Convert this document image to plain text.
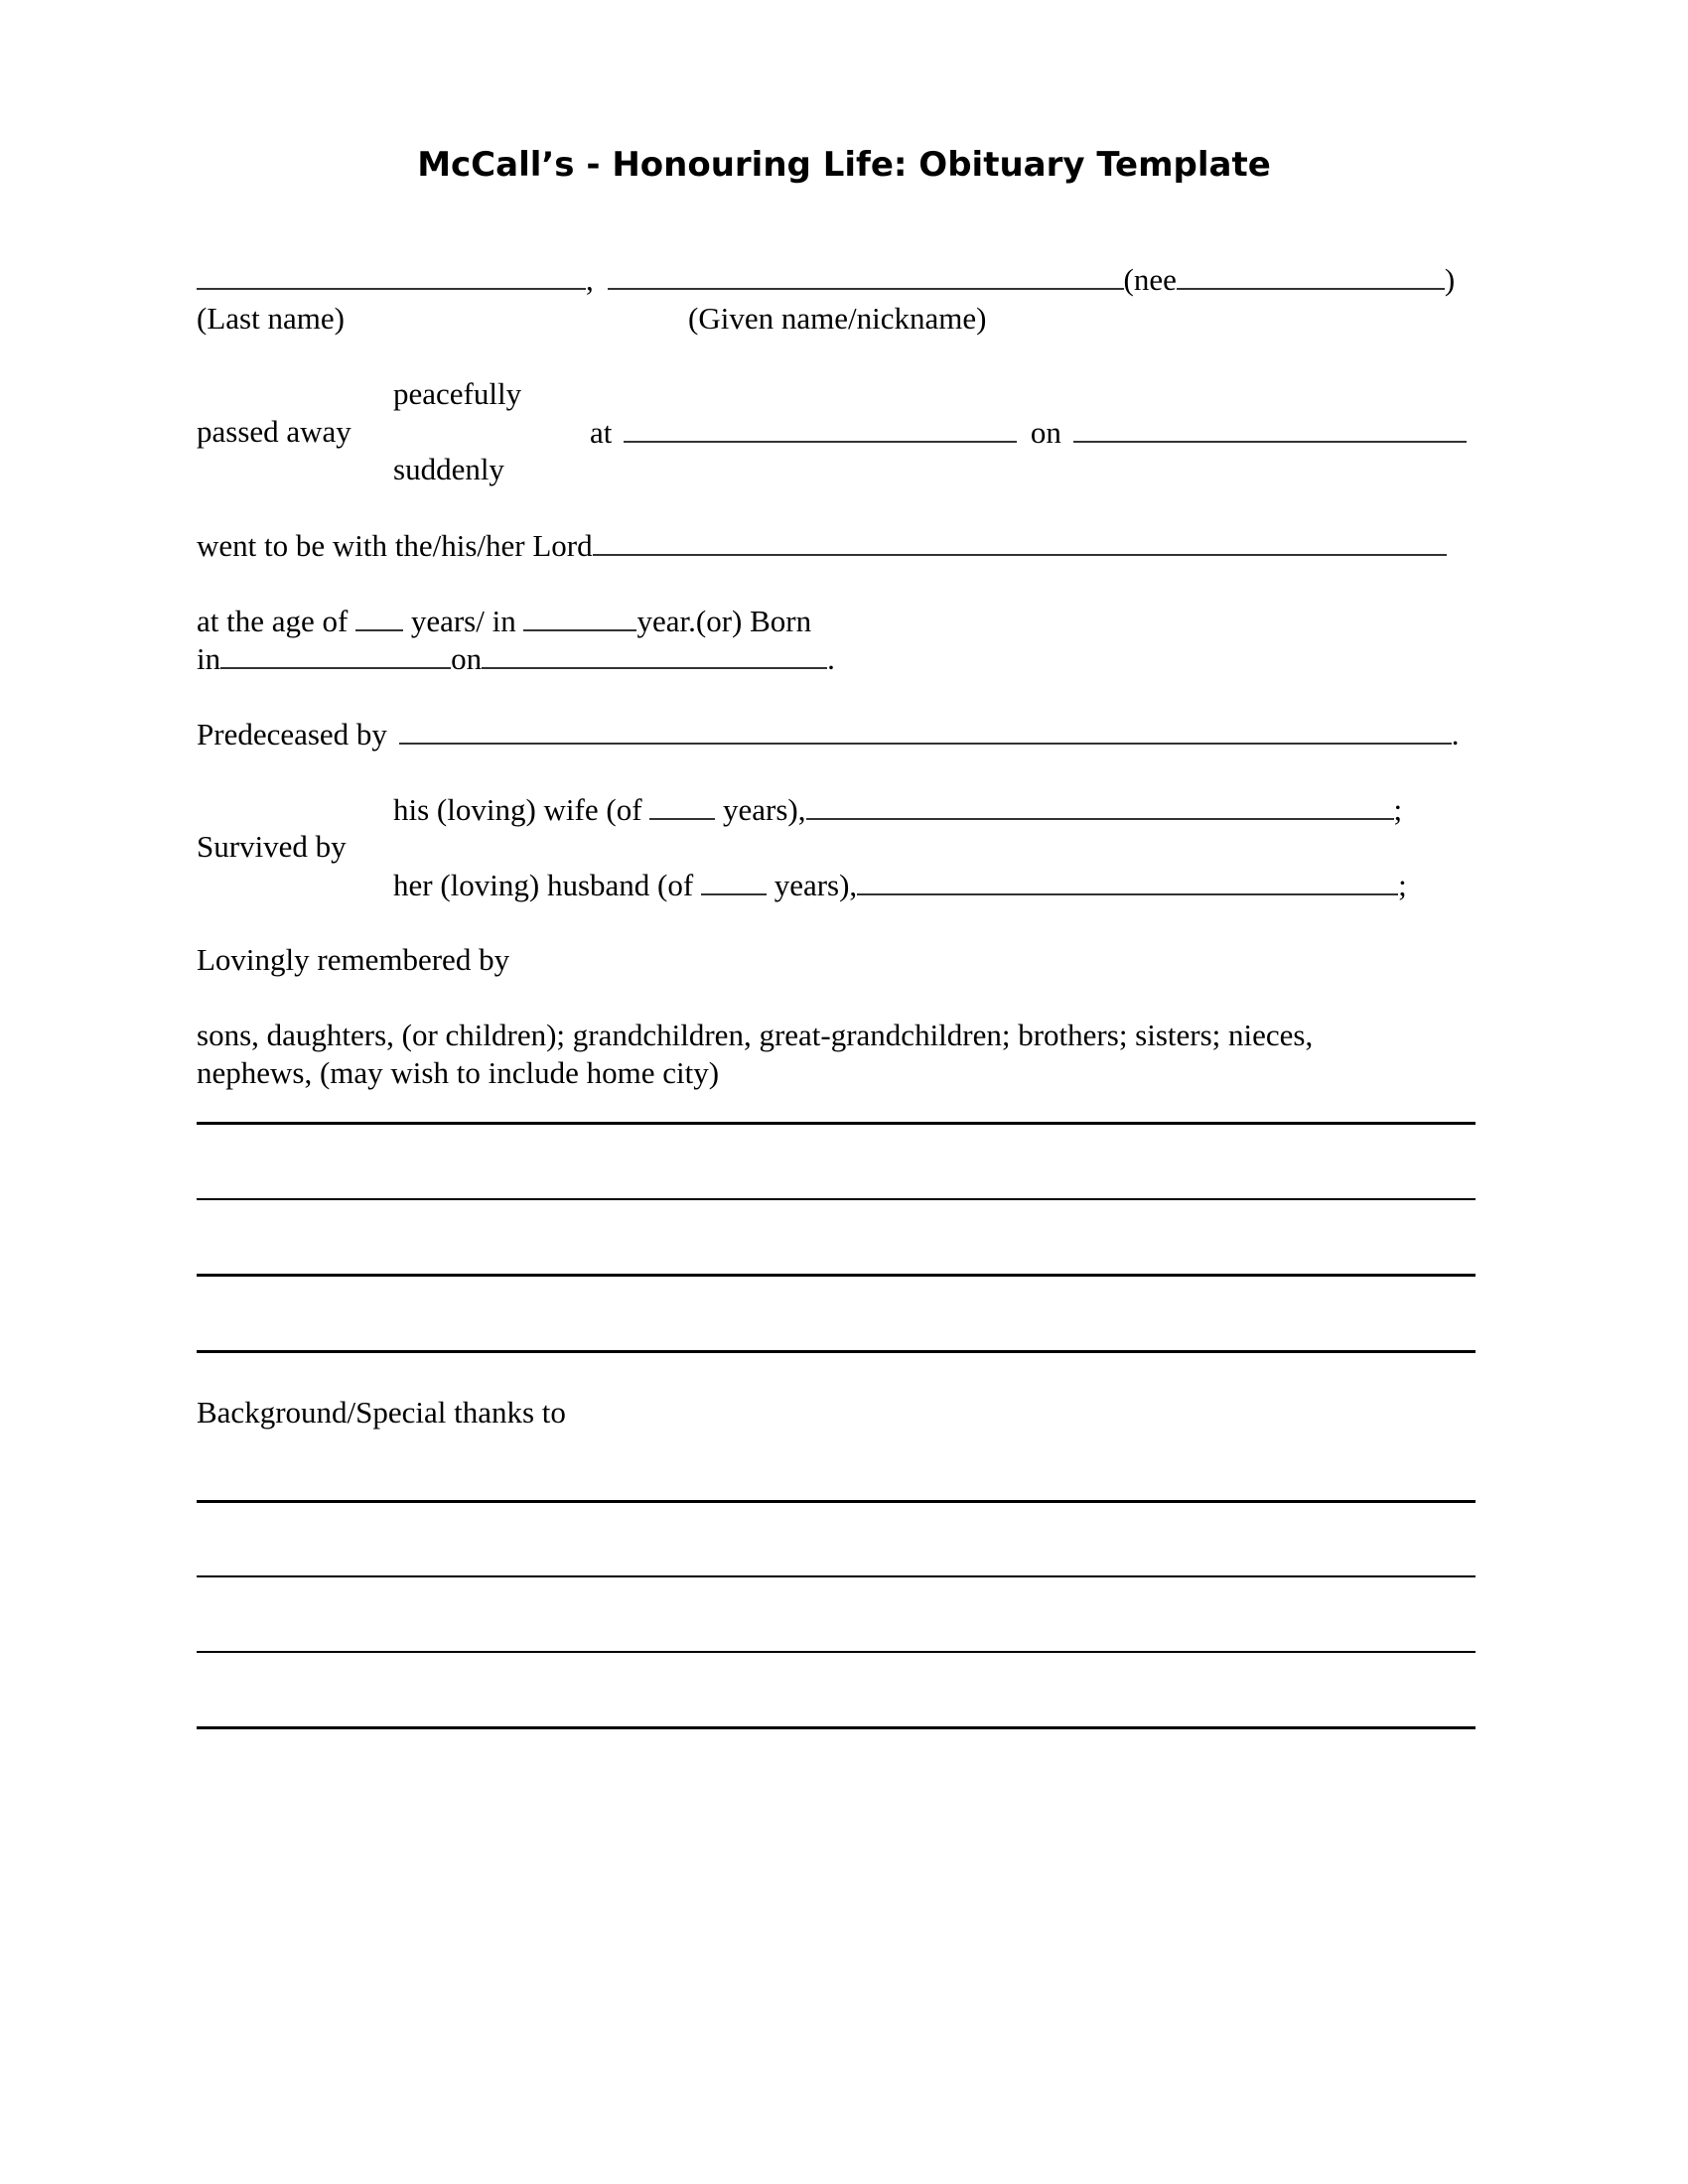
McCall’s - Honouring Life: Obituary Template
,	(nee	)
(Last name)	(Given name/nickname)
peacefully
passed away	at	on
suddenly
went to be with the/his/her Lord
at the age of years/ in	year.(or) Born
in	on	.
Predeceased by	.
his (loving) wife (of	years),	;
Survived by
her (loving) husband (of	years),	;
Lovingly remembered by
sons, daughters, (or children); grandchildren, great-grandchildren; brothers; sisters; nieces,
nephews, (may wish to include home city)
Background/Special thanks to
